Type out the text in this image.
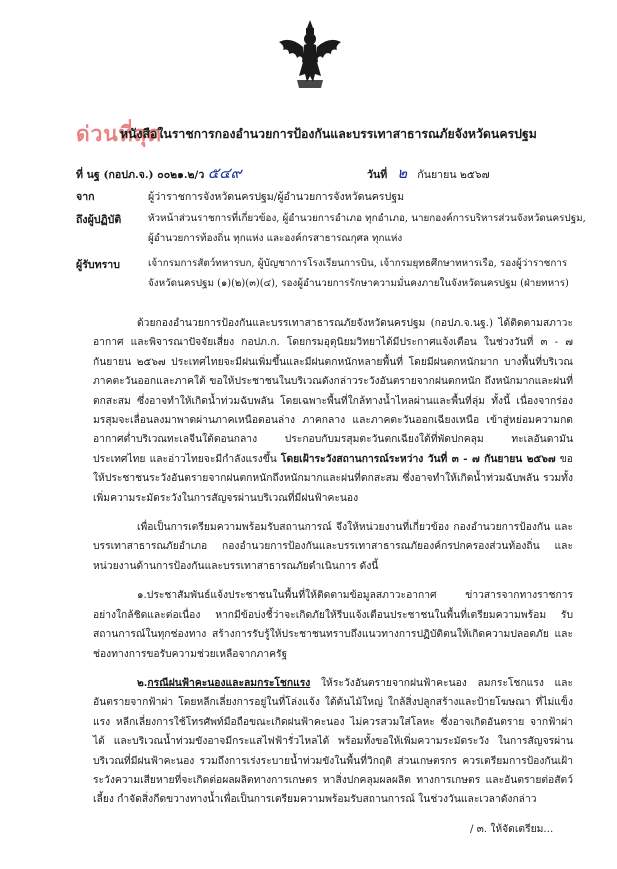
ด่วนที่สุด
หนังสือในราชการกองอำนวยการป้องกันและบรรเทาสาธารณภัยจังหวัดนครปฐม
ที่ นฐ (กอปภ.จ.) ๐๐๒๑.๒/ว ๕๔๙	วันที่ ๒ กันยายน ๒๕๖๗
จาก	ผู้ว่าราชการจังหวัดนครปฐม/ผู้อำนวยการจังหวัดนครปฐม
ถึงผู้ปฏิบัติ	หัวหน้าส่วนราชการที่เกี่ยวข้อง, ผู้อำนวยการอำเภอ ทุกอำเภอ, นายกองค์การบริหารส่วนจังหวัดนครปฐม,
ผู้อำนวยการท้องถิ่น ทุกแห่ง และองค์กรสาธารณกุศล ทุกแห่ง
ผู้รับทราบ	เจ้ากรมการสัตว์ทหารบก, ผู้บัญชาการโรงเรียนการบิน, เจ้ากรมยุทธศึกษาทหารเรือ, รองผู้ว่าราชการ
จังหวัดนครปฐม (๑)(๒)(๓)(๔), รองผู้อำนวยการรักษาความมั่นคงภายในจังหวัดนครปฐม (ฝ่ายทหาร)

ด้วยกองอำนวยการป้องกันและบรรเทาสาธารณภัยจังหวัดนครปฐม (กอปภ.จ.นฐ.) ได้ติดตามสภาวะอากาศ และพิจารณาปัจจัยเสี่ยง กอปภ.ก. โดยกรมอุตุนิยมวิทยาได้มีประกาศแจ้งเตือน ในช่วงวันที่ ๓ - ๗ กันยายน ๒๕๖๗ ประเทศไทยจะมีฝนเพิ่มขึ้นและมีฝนตกหนักหลายพื้นที่ โดยมีฝนตกหนักมาก บางพื้นที่บริเวณภาคตะวันออกและภาคใต้ ขอให้ประชาชนในบริเวณดังกล่าวระวังอันตรายจากฝนตกหนัก ถึงหนักมากและฝนที่ตกสะสม ซึ่งอาจทำให้เกิดน้ำท่วมฉับพลัน โดยเฉพาะพื้นที่ใกล้ทางน้ำไหลผ่านและพื้นที่ลุ่ม ทั้งนี้ เนื่องจากร่องมรสุมจะเลื่อนลงมาพาดผ่านภาคเหนือตอนล่าง ภาคกลาง และภาคตะวันออกเฉียงเหนือ เข้าสู่หย่อมความกดอากาศต่ำบริเวณทะเลจีนใต้ตอนกลาง ประกอบกับมรสุมตะวันตกเฉียงใต้ที่พัดปกคลุม ทะเลอันดามัน ประเทศไทย และอ่าวไทยจะมีกำลังแรงขึ้น โดยเฝ้าระวังสถานการณ์ระหว่าง วันที่ ๓ - ๗ กันยายน ๒๕๖๗ ขอให้ประชาชนระวังอันตรายจากฝนตกหนักถึงหนักมากและฝนที่ตกสะสม ซึ่งอาจทำให้เกิดน้ำท่วมฉับพลัน รวมทั้งเพิ่มความระมัดระวังในการสัญจรผ่านบริเวณที่มีฝนฟ้าคะนอง

เพื่อเป็นการเตรียมความพร้อมรับสถานการณ์ จึงให้หน่วยงานที่เกี่ยวข้อง กองอำนวยการป้องกัน และบรรเทาสาธารณภัยอำเภอ กองอำนวยการป้องกันและบรรเทาสาธารณภัยองค์กรปกครองส่วนท้องถิ่น และหน่วยงานด้านการป้องกันและบรรเทาสาธารณภัยดำเนินการ ดังนี้

๑.ประชาสัมพันธ์แจ้งประชาชนในพื้นที่ให้ติดตามข้อมูลสภาวะอากาศ ข่าวสารจากทางราชการ อย่างใกล้ชิดและต่อเนื่อง หากมีข้อบ่งชี้ว่าจะเกิดภัยให้รีบแจ้งเตือนประชาชนในพื้นที่เตรียมความพร้อม รับสถานการณ์ในทุกช่องทาง สร้างการรับรู้ให้ประชาชนทราบถึงแนวทางการปฏิบัติตนให้เกิดความปลอดภัย และช่องทางการขอรับความช่วยเหลือจากภาครัฐ

๒.กรณีฝนฟ้าคะนองและลมกระโชกแรง ให้ระวังอันตรายจากฝนฟ้าคะนอง ลมกระโชกแรง และอันตรายจากฟ้าผ่า โดยหลีกเลี่ยงการอยู่ในที่โล่งแจ้ง ใต้ต้นไม้ใหญ่ ใกล้สิ่งปลูกสร้างและป้ายโฆษณา ที่ไม่แข็งแรง หลีกเลี่ยงการใช้โทรศัพท์มือถือขณะเกิดฝนฟ้าคะนอง ไม่ควรสวมใส่โลหะ ซึ่งอาจเกิดอันตราย จากฟ้าผ่าได้ และบริเวณน้ำท่วมขังอาจมีกระแสไฟฟ้ารั่วไหลได้ พร้อมทั้งขอให้เพิ่มความระมัดระวัง ในการสัญจรผ่านบริเวณที่มีฝนฟ้าคะนอง รวมถึงการเร่งระบายน้ำท่วมขังในพื้นที่วิกฤติ ส่วนเกษตรกร ควรเตรียมการป้องกันเฝ้าระวังความเสียหายที่จะเกิดต่อผลผลิตทางการเกษตร หาสิ่งปกคลุมผลผลิต ทางการเกษตร และอันตรายต่อสัตว์เลี้ยง กำจัดสิ่งกีดขวางทางน้ำเพื่อเป็นการเตรียมความพร้อมรับสถานการณ์ ในช่วงวันและเวลาดังกล่าว

/ ๓. ให้จัดเตรียม...
